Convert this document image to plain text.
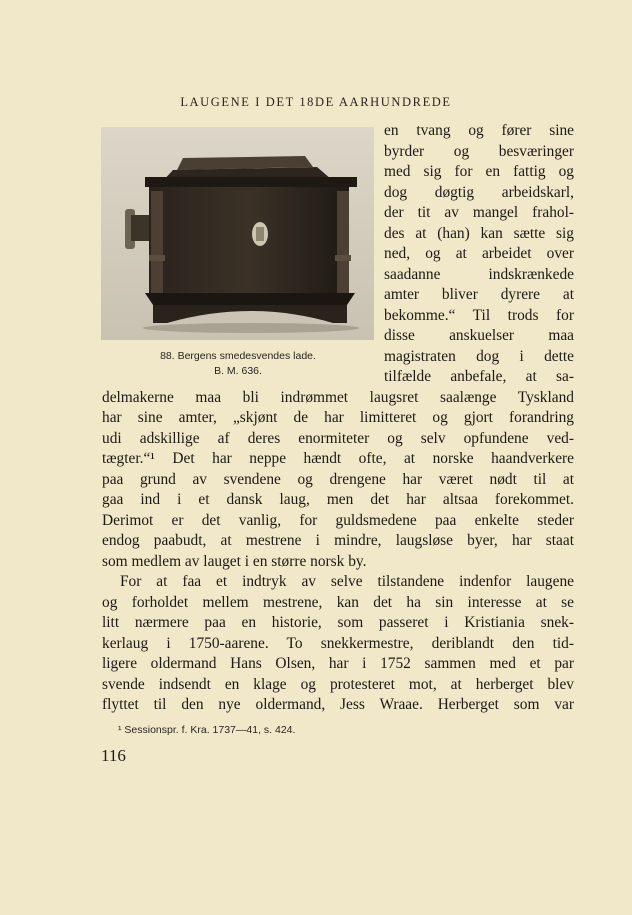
LAUGENE I DET 18DE AARHUNDREDE
88. Bergens smedesvendes lade.
B. M. 636.
en tvang og fører sine
byrder og besværinger
med sig for en fattig og
dog døgtig arbeidskarl,
der tit av mangel frahol-
des at (han) kan sætte sig
ned, og at arbeidet over
saadanne indskrænkede
amter bliver dyrere at
bekomme.“ Til trods for
disse anskuelser maa
magistraten dog i dette
tilfælde anbefale, at sa-
delmakerne maa bli indrømmet laugsret saalænge Tyskland
har sine amter, „skjønt de har limitteret og gjort forandring
udi adskillige af deres enormiteter og selv opfundene ved-
tægter.“¹ Det har neppe hændt ofte, at norske haandverkere
paa grund av svendene og drengene har været nødt til at
gaa ind i et dansk laug, men det har altsaa forekommet.
Derimot er det vanlig, for guldsmedene paa enkelte steder
endog paabudt, at mestrene i mindre, laugsløse byer, har staat
som medlem av lauget i en større norsk by.
For at faa et indtryk av selve tilstandene indenfor laugene
og forholdet mellem mestrene, kan det ha sin interesse at se
litt nærmere paa en historie, som passeret i Kristiania snek-
kerlaug i 1750-aarene. To snekkermestre, deriblandt den tid-
ligere oldermand Hans Olsen, har i 1752 sammen med et par
svende indsendt en klage og protesteret mot, at herberget blev
flyttet til den nye oldermand, Jess Wraae. Herberget som var
¹ Sessionspr. f. Kra. 1737—41, s. 424.
116
